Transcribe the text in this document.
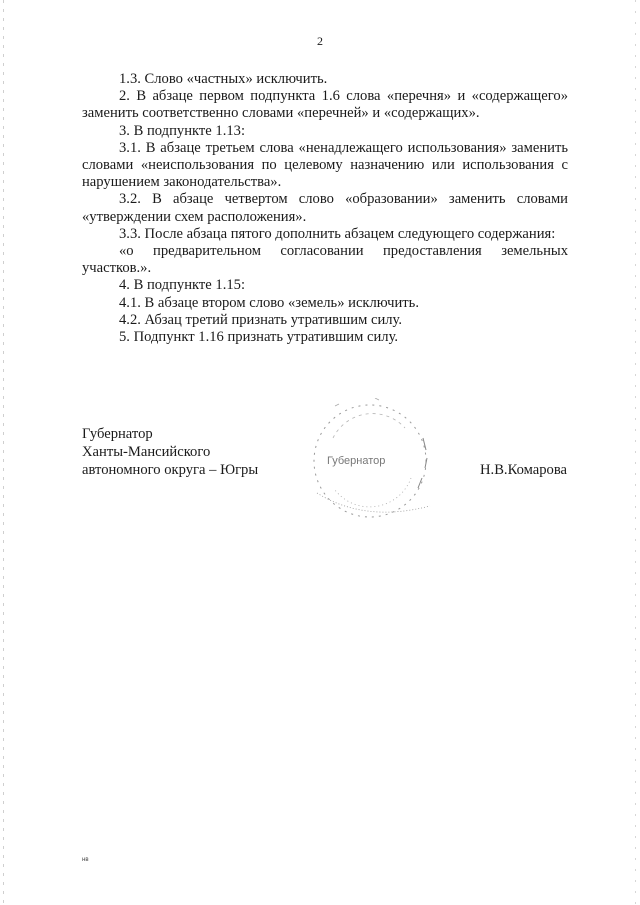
2

1.3. Слово «частных» исключить.

2. В абзаце первом подпункта 1.6 слова «перечня» и «содержащего» заменить соответственно словами «перечней» и «содержащих».

3. В подпункте 1.13:

3.1. В абзаце третьем слова «ненадлежащего использования» заменить словами «неиспользования по целевому назначению или использования с нарушением законодательства».

3.2. В абзаце четвертом слово «образовании» заменить словами «утверждении схем расположения».

3.3. После абзаца пятого дополнить абзацем следующего содержания:

«о предварительном согласовании предоставления земельных участков.».

4. В подпункте 1.15:

4.1. В абзаце втором слово «земель» исключить.

4.2. Абзац третий признать утратившим силу.

5. Подпункт 1.16 признать утратившим силу.

Губернатор
Ханты-Мансийского
автономного округа – Югры
Губернатор
Н.В.Комарова
нв
